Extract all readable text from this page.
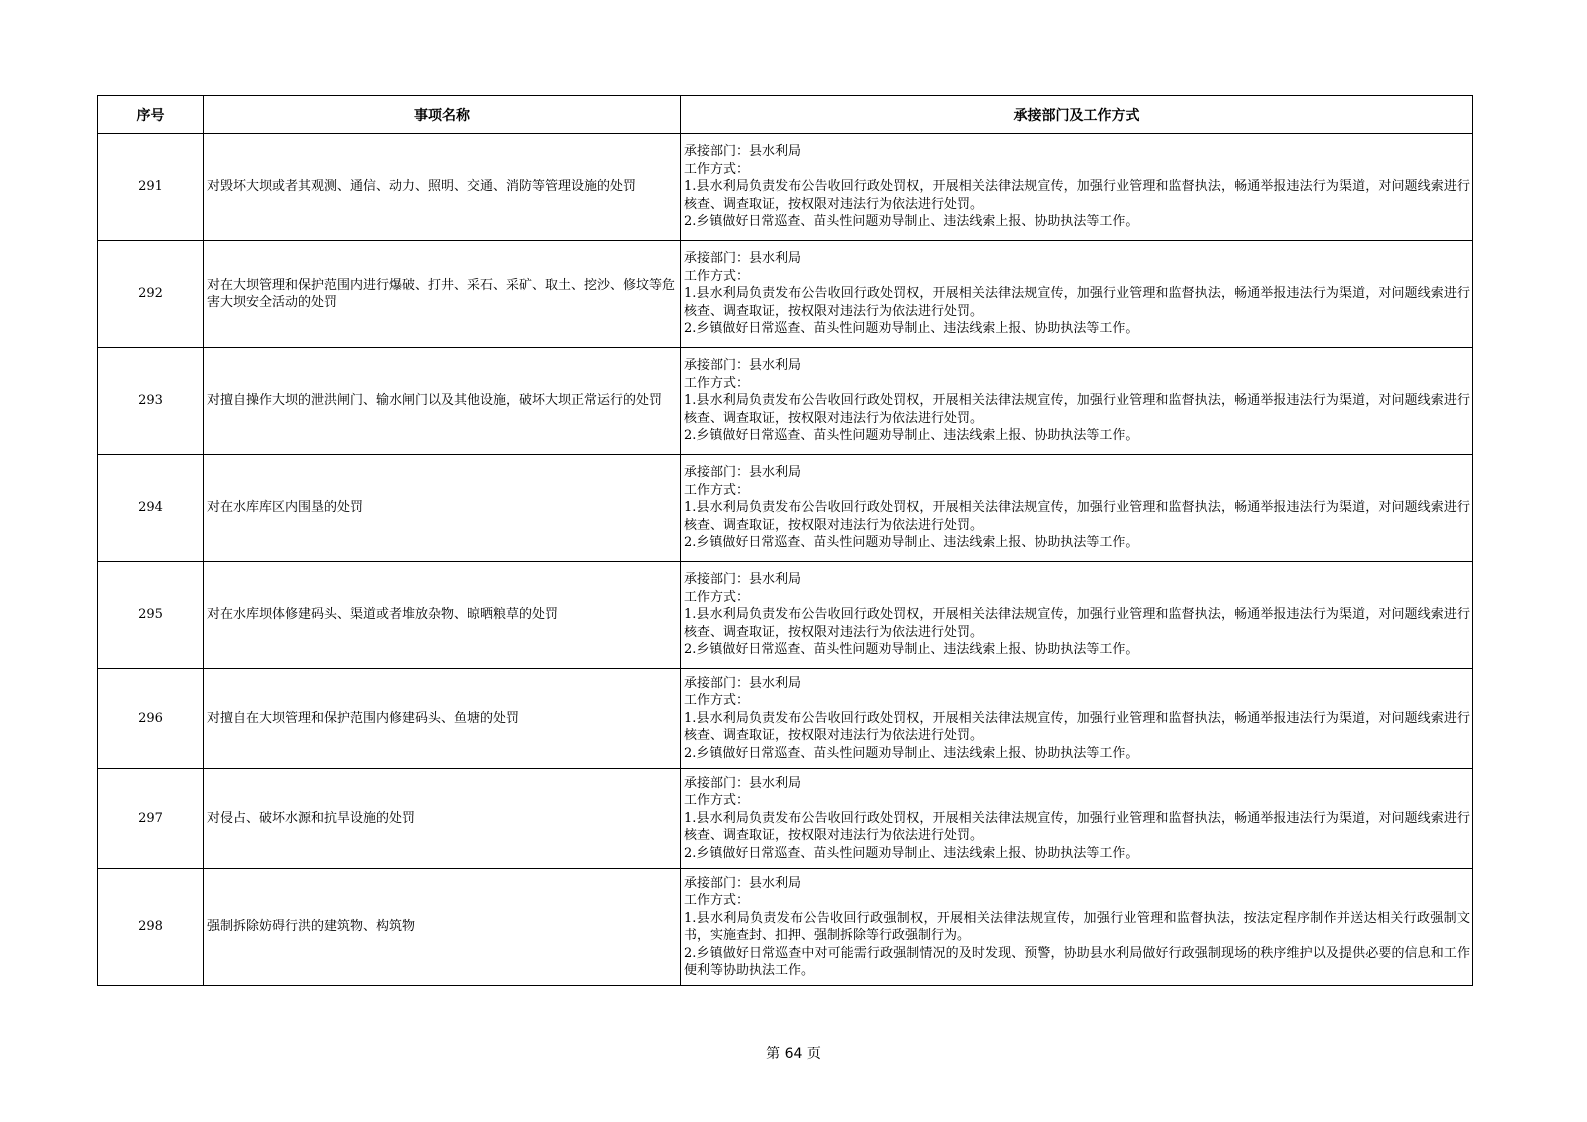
序号	事项名称	承接部门及工作方式
291	对毁坏大坝或者其观测、通信、动力、照明、交通、消防等管理设施的处罚	承接部门：县水利局
工作方式：
1.县水利局负责发布公告收回行政处罚权，开展相关法律法规宣传，加强行业管理和监督执法，畅通举报违法行为渠道，对问题线索进行核查、调查取证，按权限对违法行为依法进行处罚。
2.乡镇做好日常巡查、苗头性问题劝导制止、违法线索上报、协助执法等工作。

292	对在大坝管理和保护范围内进行爆破、打井、采石、采矿、取土、挖沙、修坟等危害大坝安全活动的处罚	承接部门：县水利局
工作方式：
1.县水利局负责发布公告收回行政处罚权，开展相关法律法规宣传，加强行业管理和监督执法，畅通举报违法行为渠道，对问题线索进行核查、调查取证，按权限对违法行为依法进行处罚。
2.乡镇做好日常巡查、苗头性问题劝导制止、违法线索上报、协助执法等工作。

293	对擅自操作大坝的泄洪闸门、输水闸门以及其他设施，破坏大坝正常运行的处罚	承接部门：县水利局
工作方式：
1.县水利局负责发布公告收回行政处罚权，开展相关法律法规宣传，加强行业管理和监督执法，畅通举报违法行为渠道，对问题线索进行核查、调查取证，按权限对违法行为依法进行处罚。
2.乡镇做好日常巡查、苗头性问题劝导制止、违法线索上报、协助执法等工作。

294	对在水库库区内围垦的处罚	承接部门：县水利局
工作方式：
1.县水利局负责发布公告收回行政处罚权，开展相关法律法规宣传，加强行业管理和监督执法，畅通举报违法行为渠道，对问题线索进行核查、调查取证，按权限对违法行为依法进行处罚。
2.乡镇做好日常巡查、苗头性问题劝导制止、违法线索上报、协助执法等工作。

295	对在水库坝体修建码头、渠道或者堆放杂物、晾晒粮草的处罚	承接部门：县水利局
工作方式：
1.县水利局负责发布公告收回行政处罚权，开展相关法律法规宣传，加强行业管理和监督执法，畅通举报违法行为渠道，对问题线索进行核查、调查取证，按权限对违法行为依法进行处罚。
2.乡镇做好日常巡查、苗头性问题劝导制止、违法线索上报、协助执法等工作。

296	对擅自在大坝管理和保护范围内修建码头、鱼塘的处罚	承接部门：县水利局
工作方式：
1.县水利局负责发布公告收回行政处罚权，开展相关法律法规宣传，加强行业管理和监督执法，畅通举报违法行为渠道，对问题线索进行核查、调查取证，按权限对违法行为依法进行处罚。
2.乡镇做好日常巡查、苗头性问题劝导制止、违法线索上报、协助执法等工作。

297	对侵占、破坏水源和抗旱设施的处罚	承接部门：县水利局
工作方式：
1.县水利局负责发布公告收回行政处罚权，开展相关法律法规宣传，加强行业管理和监督执法，畅通举报违法行为渠道，对问题线索进行核查、调查取证，按权限对违法行为依法进行处罚。
2.乡镇做好日常巡查、苗头性问题劝导制止、违法线索上报、协助执法等工作。

298	强制拆除妨碍行洪的建筑物、构筑物	承接部门：县水利局
工作方式：
1.县水利局负责发布公告收回行政强制权，开展相关法律法规宣传，加强行业管理和监督执法，按法定程序制作并送达相关行政强制文书，实施查封、扣押、强制拆除等行政强制行为。
2.乡镇做好日常巡查中对可能需行政强制情况的及时发现、预警，协助县水利局做好行政强制现场的秩序维护以及提供必要的信息和工作便利等协助执法工作。
第 64 页
